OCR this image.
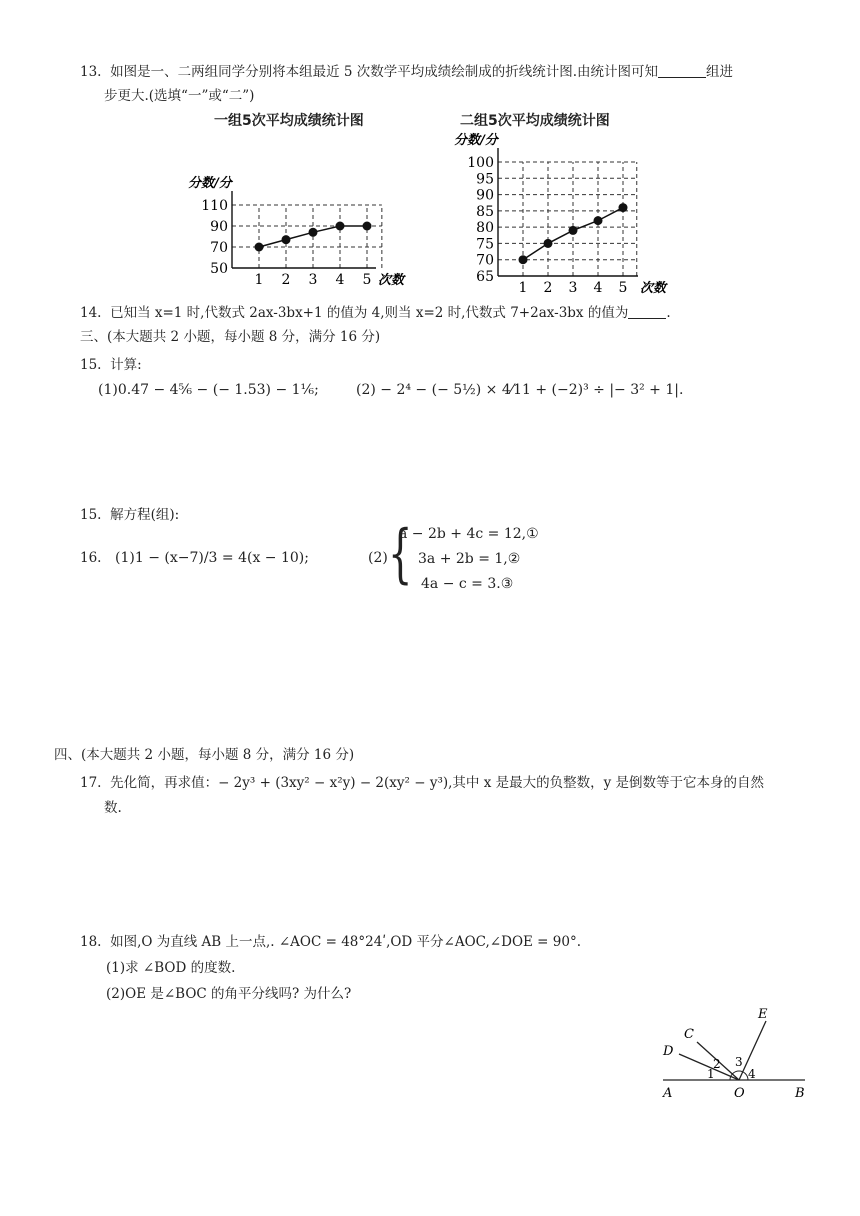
13. 如图是一、二两组同学分别将本组最近 5 次数学平均成绩绘制成的折线统计图.由统计图可知	组进
步更大.(选填“一”或“二”)
一组5次平均成绩统计图
50
70
90
110
1 2 3 4 5
分数/分
次数
二组5次平均成绩统计图
65
70
75
80
85
90
95
100
1 2 3 4 5
分数/分
次数
14. 已知当 x=1 时,代数式 2ax-3bx+1 的值为 4,则当 x=2 时,代数式 7+2ax-3bx 的值为	.
三、(本大题共 2 小题，每小题 8 分，满分 16 分)
15. 计算:
(1)0.47 − 4⅚ − (− 1.53) − 1⅙;	(2) − 2⁴ − (− 5½) × 4⁄11 + (−2)³ ÷ |− 3² + 1|.
15. 解方程(组):
16. (1)1 − (x−7)/3 = 4(x − 10);	(2) {
a − 2b + 4c = 12,①
3a + 2b = 1,②
4a − c = 3.③
四、(本大题共 2 小题，每小题 8 分，满分 16 分)
17. 先化简，再求值：− 2y³ + (3xy² − x²y) − 2(xy² − y³),其中 x 是最大的负整数，y 是倒数等于它本身的自然
数.
18. 如图,O 为直线 AB 上一点,. ∠AOC = 48°24ʹ,OD 平分∠AOC,∠DOE = 90°.
(1)求 ∠BOD 的度数.
(2)OE 是∠BOC 的角平分线吗? 为什么?
A	B
O
C
D
E
1
2 3
4
